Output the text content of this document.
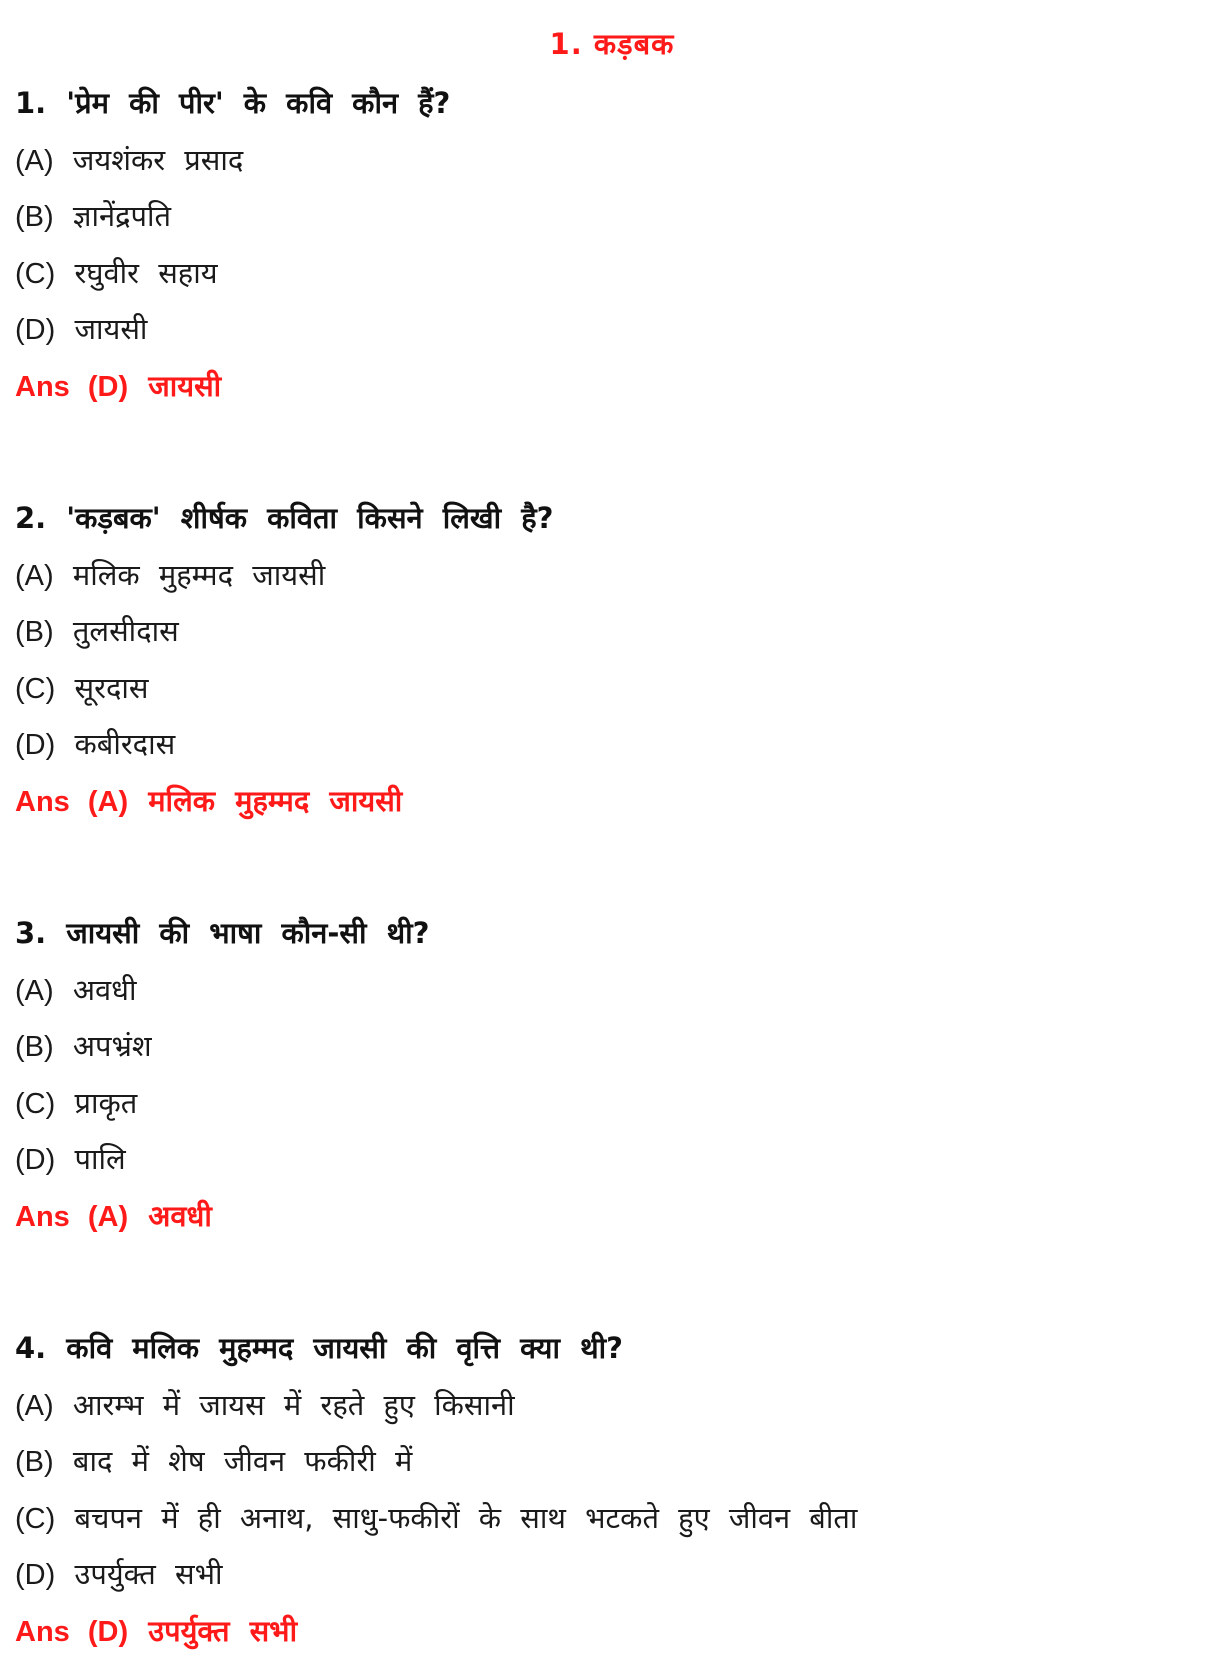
1. कड़बक
1. 'प्रेम की पीर' के कवि कौन हैं?
(A) जयशंकर प्रसाद
(B) ज्ञानेंद्रपति
(C) रघुवीर सहाय
(D) जायसी
Ans (D) जायसी
2. 'कड़बक' शीर्षक कविता किसने लिखी है?
(A) मलिक मुहम्मद जायसी
(B) तुलसीदास
(C) सूरदास
(D) कबीरदास
Ans (A) मलिक मुहम्मद जायसी
3. जायसी की भाषा कौन-सी थी?
(A) अवधी
(B) अपभ्रंश
(C) प्राकृत
(D) पालि
Ans (A) अवधी
4. कवि मलिक मुहम्मद जायसी की वृत्ति क्या थी?
(A) आरम्भ में जायस में रहते हुए किसानी
(B) बाद में शेष जीवन फकीरी में
(C) बचपन में ही अनाथ, साधु-फकीरों के साथ भटकते हुए जीवन बीता
(D) उपर्युक्त सभी
Ans (D) उपर्युक्त सभी
